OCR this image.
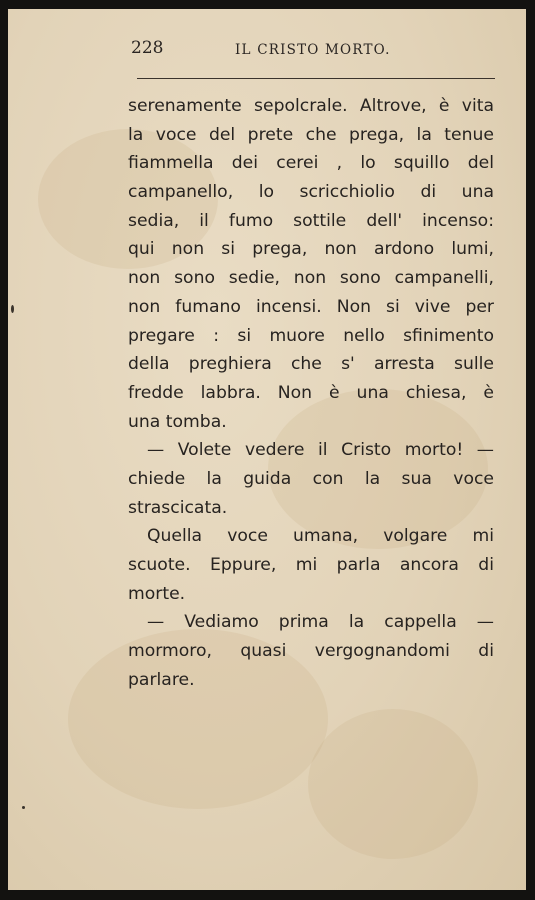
228	IL CRISTO MORTO.
serenamente sepolcrale. Altrove, è vita
la voce del prete che prega, la tenue
fiammella dei cerei , lo squillo del
campanello, lo scricchiolio di una
sedia, il fumo sottile dell' incenso:
qui non si prega, non ardono lumi,
non sono sedie, non sono campanelli,
non fumano incensi. Non si vive per
pregare : si muore nello sfinimento
della preghiera che s' arresta sulle
fredde labbra. Non è una chiesa, è
una tomba.
— Volete vedere il Cristo morto! —
chiede la guida con la sua voce
strascicata.
Quella voce umana, volgare mi
scuote. Eppure, mi parla ancora di
morte.
— Vediamo prima la cappella —
mormoro, quasi vergognandomi di
parlare.
